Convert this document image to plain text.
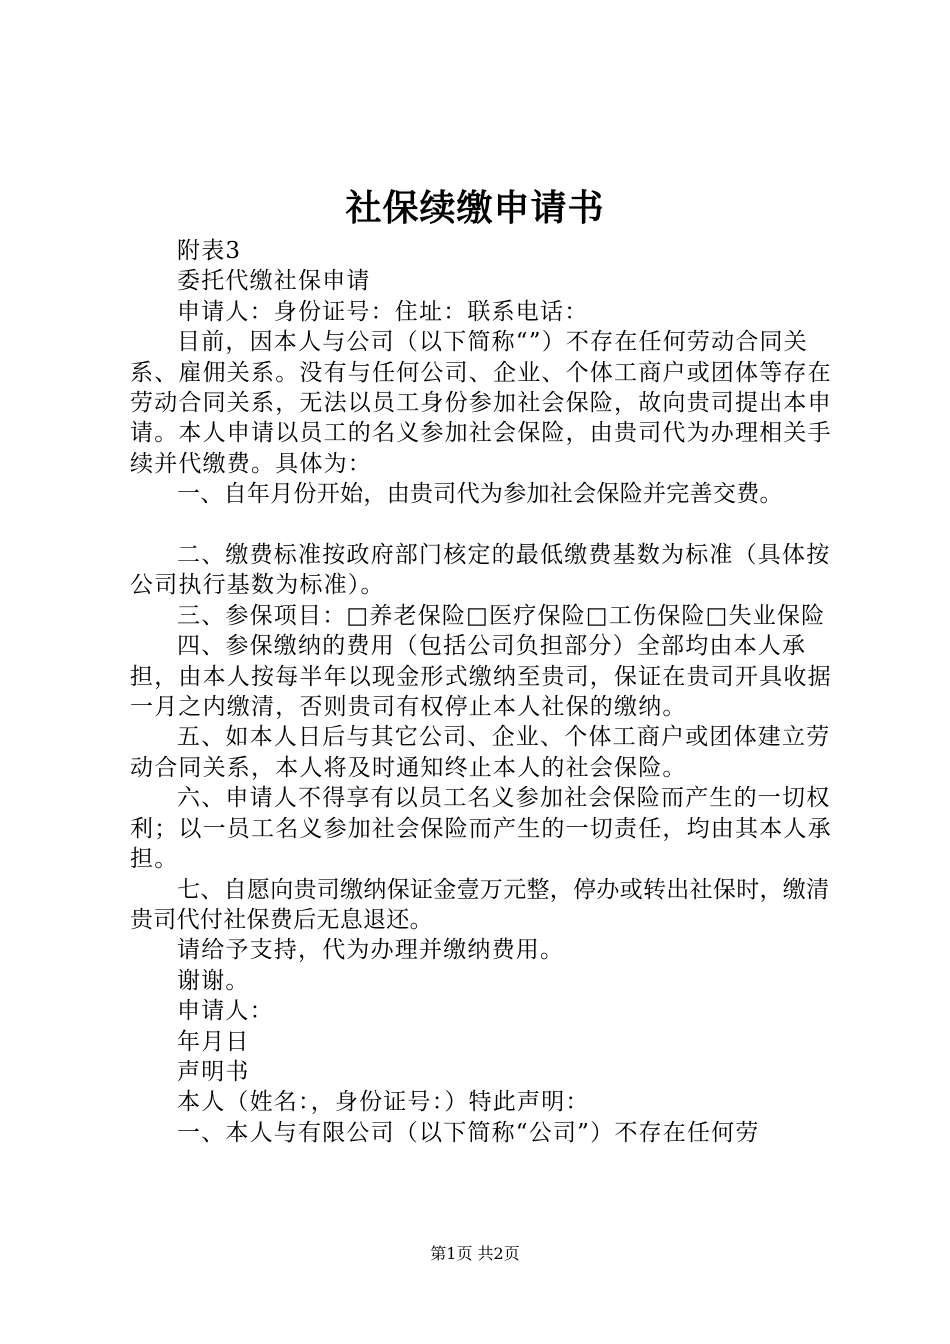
社保续缴申请书

附表3

委托代缴社保申请

申请人：身份证号：住址：联系电话：

目前，因本人与公司（以下简称“”）不存在任何劳动合同关系、雇佣关系。没有与任何公司、企业、个体工商户或团体等存在劳动合同关系，无法以员工身份参加社会保险，故向贵司提出本申请。本人申请以员工的名义参加社会保险，由贵司代为办理相关手续并代缴费。具体为：

一、自年月份开始，由贵司代为参加社会保险并完善交费。

二、缴费标准按政府部门核定的最低缴费基数为标准（具体按公司执行基数为标准）。

三、参保项目：□养老保险□医疗保险□工伤保险□失业保险

四、参保缴纳的费用（包括公司负担部分）全部均由本人承担，由本人按每半年以现金形式缴纳至贵司，保证在贵司开具收据一月之内缴清，否则贵司有权停止本人社保的缴纳。

五、如本人日后与其它公司、企业、个体工商户或团体建立劳动合同关系，本人将及时通知终止本人的社会保险。

六、申请人不得享有以员工名义参加社会保险而产生的一切权利；以一员工名义参加社会保险而产生的一切责任，均由其本人承担。

七、自愿向贵司缴纳保证金壹万元整，停办或转出社保时，缴清贵司代付社保费后无息退还。

请给予支持，代为办理并缴纳费用。

谢谢。

申请人：

年月日

声明书

本人（姓名：，身份证号：）特此声明：

一、本人与有限公司（以下简称“公司”）不存在任何劳

第1页 共2页
